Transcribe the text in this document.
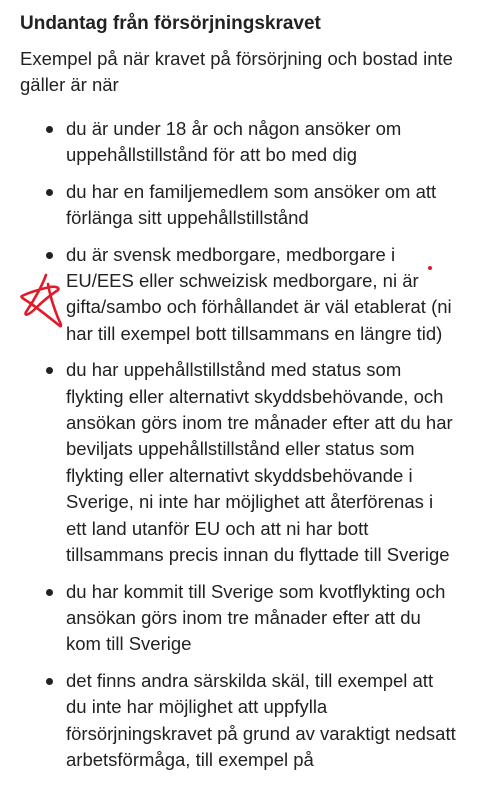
Undantag från försörjningskravet

Exempel på när kravet på försörjning och bostad inte gäller är när

du är under 18 år och någon ansöker om uppehållstillstånd för att bo med dig
du har en familjemedlem som ansöker om att förlänga sitt uppehållstillstånd
du är svensk medborgare, medborgare i EU/EES eller schweizisk medborgare, ni är gifta/sambo och förhållandet är väl etablerat (ni har till exempel bott tillsammans en längre tid)
du har uppehållstillstånd med status som flykting eller alternativt skyddsbehövande, och ansökan görs inom tre månader efter att du har beviljats uppehållstillstånd eller status som flykting eller alternativt skyddsbehövande i Sverige, ni inte har möjlighet att återförenas i ett land utanför EU och att ni har bott tillsammans precis innan du flyttade till Sverige
du har kommit till Sverige som kvotflykting och ansökan görs inom tre månader efter att du kom till Sverige
det finns andra särskilda skäl, till exempel att du inte har möjlighet att uppfylla försörjningskravet på grund av varaktigt nedsatt arbetsförmåga, till exempel på
